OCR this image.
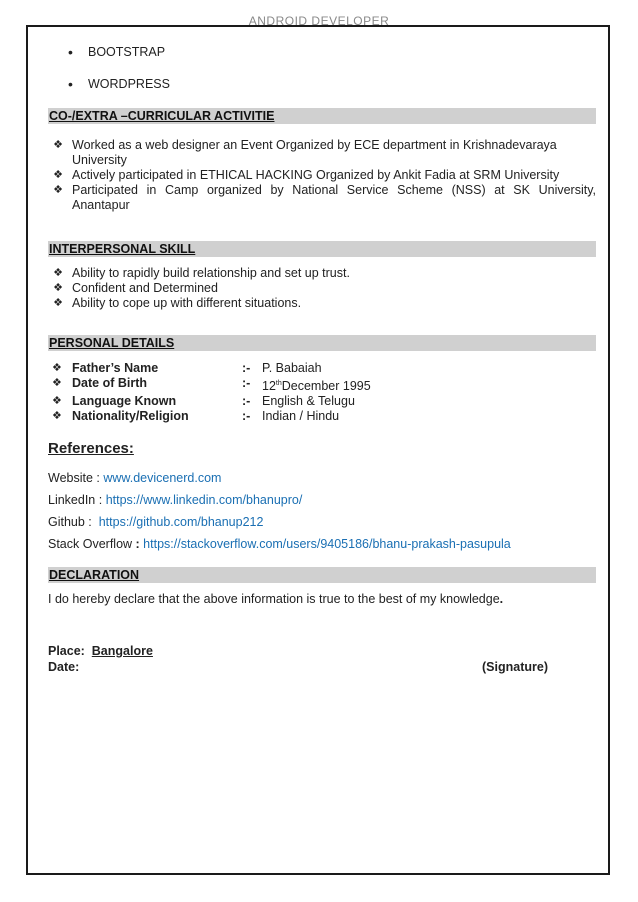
ANDROID DEVELOPER
• BOOTSTRAP
• WORDPRESS
CO-/EXTRA –CURRICULAR ACTIVITIE
❖ Worked as a web designer an Event Organized by ECE department in Krishnadevaraya University
❖ Actively participated in ETHICAL HACKING Organized by Ankit Fadia at SRM University
❖ Participated in Camp organized by National Service Scheme (NSS) at SK University, Anantapur
INTERPERSONAL SKILL
❖ Ability to rapidly build relationship and set up trust.
❖ Confident and Determined
❖ Ability to cope up with different situations.
PERSONAL DETAILS
❖ Father’s Name	:- P. Babaiah
❖ Date of Birth	:- 12thDecember 1995
❖ Language Known	:- English & Telugu
❖ Nationality/Religion	:- Indian / Hindu
References:
Website : www.devicenerd.com
LinkedIn : https://www.linkedin.com/bhanupro/
Github :  https://github.com/bhanup212
Stack Overflow : https://stackoverflow.com/users/9405186/bhanu-prakash-pasupula
DECLARATION
I do hereby declare that the above information is true to the best of my knowledge.
Place:  Bangalore
Date:	(Signature)
